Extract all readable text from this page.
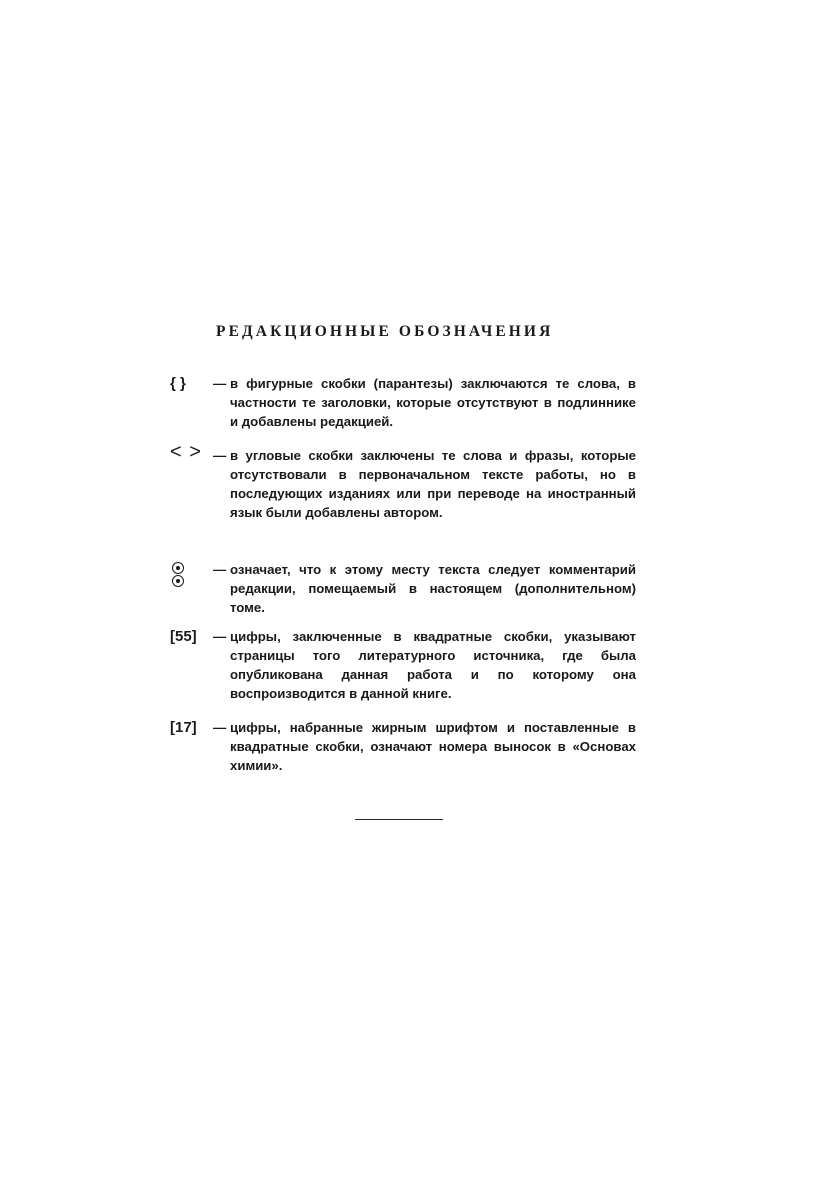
РЕДАКЦИОННЫЕ ОБОЗНАЧЕНИЯ
{ } — в фигурные скобки (парантезы) заключаются те слова, в частности те заголовки, которые отсутствуют в подлиннике и добавлены редакцией.
< > — в угловые скобки заключены те слова и фразы, которые отсутствовали в первоначальном тексте работы, но в последующих изданиях или при переводе на иностранный язык были добавлены автором.
— означает, что к этому месту текста следует комментарий редакции, помещаемый в настоящем (дополнительном) томе.
[55] — цифры, заключенные в квадратные скобки, указывают страницы того литературного источника, где была опубликована данная работа и по которому она воспроизводится в данной книге.
[17] — цифры, набранные жирным шрифтом и поставленные в квадратные скобки, означают номера выносок в «Основах химии».
